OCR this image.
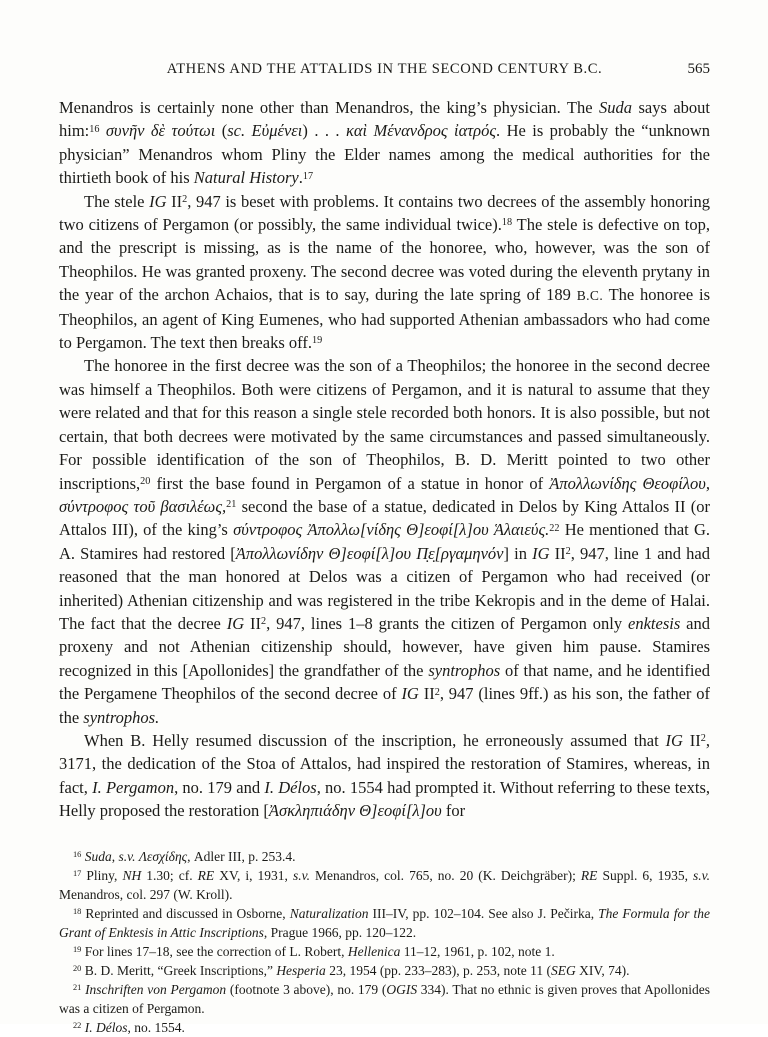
ATHENS AND THE ATTALIDS IN THE SECOND CENTURY B.C.	565

Menandros is certainly none other than Menandros, the king’s physician. The Suda says about him:$^{16}$ συνῆν δὲ τούτωι (sc. Εὐμένει) . . . καὶ Μένανδρος ἰατρός. He is probably the “unknown physician” Menandros whom Pliny the Elder names among the medical authorities for the thirtieth book of his Natural History.$^{17}$

The stele IG $II^2$, 947 is beset with problems. It contains two decrees of the assembly honoring two citizens of Pergamon (or possibly, the same individual twice).$^{18}$ The stele is defective on top, and the prescript is missing, as is the name of the honoree, who, however, was the son of Theophilos. He was granted proxeny. The second decree was voted during the eleventh prytany in the year of the archon Achaios, that is to say, during the late spring of 189 B.C. The honoree is Theophilos, an agent of King Eumenes, who had supported Athenian ambassadors who had come to Pergamon. The text then breaks off.$^{19}$

The honoree in the first decree was the son of a Theophilos; the honoree in the second decree was himself a Theophilos. Both were citizens of Pergamon, and it is natural to assume that they were related and that for this reason a single stele recorded both honors. It is also possible, but not certain, that both decrees were motivated by the same circumstances and passed simultaneously. For possible identification of the son of Theophilos, B. D. Meritt pointed to two other inscriptions,$^{20}$ first the base found in Pergamon of a statue in honor of Ἀπολλωνίδης Θεοφίλου, σύντροφος τοῦ βασιλέως,$^{21}$ second the base of a statue, dedicated in Delos by King Attalos II (or Attalos III), of the king’s σύντροφος Ἀπολλω[νίδης Θ]εοφί[λ]ου Ἁλαιεύς.$^{22}$ He mentioned that G. A. Stamires had restored [Ἀπολλωνίδην Θ]εοφί[λ]ου Π̣ε̣[ργαμηνόν] in IG $II^2$, 947, line 1 and had reasoned that the man honored at Delos was a citizen of Pergamon who had received (or inherited) Athenian citizenship and was registered in the tribe Kekropis and in the deme of Halai. The fact that the decree IG $II^2$, 947, lines 1–8 grants the citizen of Pergamon only enktesis and proxeny and not Athenian citizenship should, however, have given him pause. Stamires recognized in this [Apollonides] the grandfather of the syntrophos of that name, and he identified the Pergamene Theophilos of the second decree of IG $II^2$, 947 (lines 9ff.) as his son, the father of the syntrophos.

When B. Helly resumed discussion of the inscription, he erroneously assumed that IG $II^2$, 3171, the dedication of the Stoa of Attalos, had inspired the restoration of Stamires, whereas, in fact, I. Pergamon, no. 179 and I. Délos, no. 1554 had prompted it. Without referring to these texts, Helly proposed the restoration [Ἀσκληπιάδην Θ]εοφί[λ]ου for

$^{16}$ Suda, s.v. Λεσχίδης, Adler III, p. 253.4.

$^{17}$ Pliny, NH 1.30; cf. RE XV, i, 1931, s.v. Menandros, col. 765, no. 20 (K. Deichgräber); RE Suppl. 6, 1935, s.v. Menandros, col. 297 (W. Kroll).

$^{18}$ Reprinted and discussed in Osborne, Naturalization III–IV, pp. 102–104. See also J. Pečirka, The Formula for the Grant of Enktesis in Attic Inscriptions, Prague 1966, pp. 120–122.

$^{19}$ For lines 17–18, see the correction of L. Robert, Hellenica 11–12, 1961, p. 102, note 1.

$^{20}$ B. D. Meritt, “Greek Inscriptions,” Hesperia 23, 1954 (pp. 233–283), p. 253, note 11 (SEG XIV, 74).

$^{21}$ Inschriften von Pergamon (footnote 3 above), no. 179 (OGIS 334). That no ethnic is given proves that Apollonides was a citizen of Pergamon.

$^{22}$ I. Délos, no. 1554.
